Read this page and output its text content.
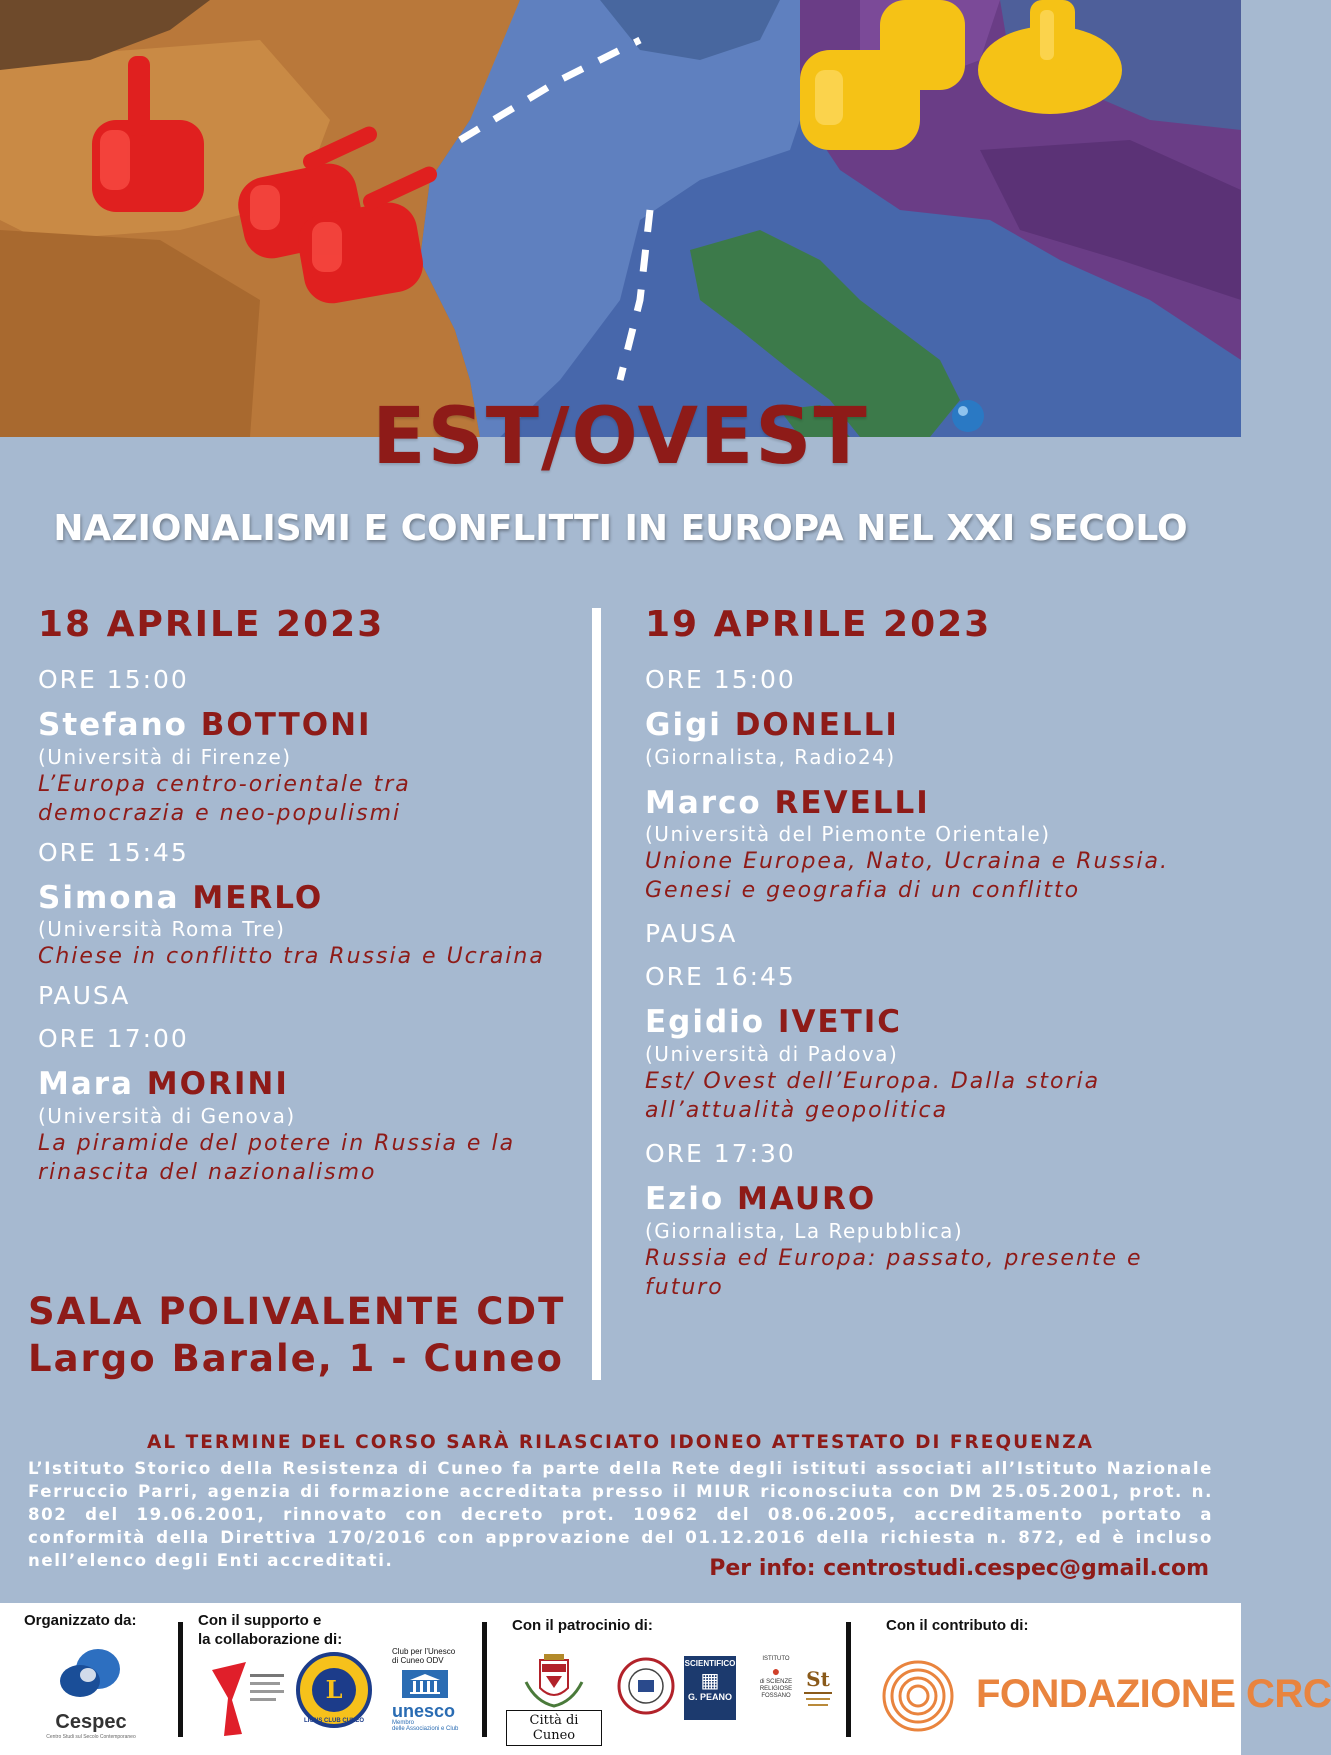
EST/OVEST
NAZIONALISMI E CONFLITTI IN EUROPA NEL XXI SECOLO
18 APRILE 2023
ORE 15:00
Stefano BOTTONI
(Università di Firenze)
L’Europa centro-orientale tra
democrazia e neo-populismi
ORE 15:45
Simona MERLO
(Università Roma Tre)
Chiese in conflitto tra Russia e Ucraina
PAUSA
ORE 17:00
Mara MORINI
(Università di Genova)
La piramide del potere in Russia e la
rinascita del nazionalismo
SALA POLIVALENTE CDT
Largo Barale, 1 - Cuneo
19 APRILE 2023
ORE 15:00
Gigi DONELLI
(Giornalista, Radio24)
Marco REVELLI
(Università del Piemonte Orientale)
Unione Europea, Nato, Ucraina e Russia.
Genesi e geografia di un conflitto
PAUSA
ORE 16:45
Egidio IVETIC
(Università di Padova)
Est/ Ovest dell’Europa. Dalla storia
all’attualità geopolitica
ORE 17:30
Ezio MAURO
(Giornalista, La Repubblica)
Russia ed Europa: passato, presente e
futuro
AL TERMINE DEL CORSO SARÀ RILASCIATO IDONEO ATTESTATO DI FREQUENZA
L’Istituto Storico della Resistenza di Cuneo fa parte della Rete degli istituti associati all’Istituto Nazionale Ferruccio Parri, agenzia di formazione accreditata presso il MIUR riconosciuta con DM 25.05.2001, prot. n. 802 del 19.06.2001, rinnovato con decreto prot. 10962 del 08.06.2005, accreditamento portato a conformità della Direttiva 170/2016 con approvazione del 01.12.2016 della richiesta n. 872, ed è incluso nell’elenco degli Enti accreditati.	Per info: centrostudi.cespec@gmail.com
Organizzato da:	Con il supporto e
la collaborazione di:
Con il patrocinio di:	Con il contributo di:
Cespec
Centro Studi sul Secolo Contemporaneo
L
LIONS CLUB CUNEO
Club per l’Unesco
di Cuneo ODV
unesco
Membro
delle Associazioni e Club
Città di Cuneo
SCIENTIFICO
▦
G. PEANO
ISTITUTO
●
di SCIENZE
RELIGIOSE
FOSSANO
St	FONDAZIONE CRC
